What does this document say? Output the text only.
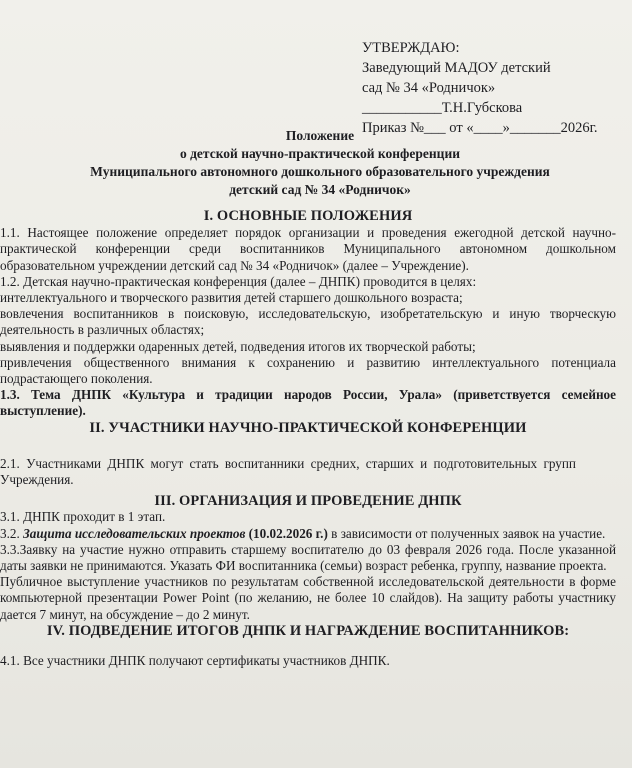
УТВЕРЖДАЮ:
Заведующий МАДОУ детский
сад № 34 «Родничок»
___________Т.Н.Губскова
Приказ №___ от «____»_______2026г.
Положение
о детской научно-практической конференции
Муниципального автономного дошкольного образовательного учреждения
детский сад № 34 «Родничок»
I. ОСНОВНЫЕ ПОЛОЖЕНИЯ

1.1. Настоящее положение определяет порядок организации и проведения ежегодной детской научно-практической конференции среди воспитанников Муниципального автономном дошкольном образовательном учреждении детский сад № 34 «Родничок» (далее – Учреждение).

1.2. Детская научно-практическая конференция (далее – ДНПК) проводится в целях:

интеллектуального и творческого развития детей старшего дошкольного возраста;

вовлечения воспитанников в поисковую, исследовательскую, изобретательскую и иную творческую деятельность в различных областях;

выявления и поддержки одаренных детей, подведения итогов их творческой работы;

привлечения общественного внимания к сохранению и развитию интеллектуального потенциала подрастающего поколения.

1.3. Тема ДНПК «Культура и традиции народов России, Урала» (приветствуется семейное выступление).

II. УЧАСТНИКИ НАУЧНО-ПРАКТИЧЕСКОЙ КОНФЕРЕНЦИИ

2.1. Участниками ДНПК могут стать воспитанники средних, старших и подготовительных групп Учреждения.

III. ОРГАНИЗАЦИЯ И ПРОВЕДЕНИЕ ДНПК

3.1. ДНПК проходит в 1 этап.

3.2. Защита исследовательских проектов (10.02.2026 г.) в зависимости от полученных заявок на участие.

3.3.Заявку на участие нужно отправить старшему воспитателю до 03 февраля 2026 года. После указанной даты заявки не принимаются. Указать ФИ воспитанника (семьи) возраст ребенка, группу, название проекта.

Публичное выступление участников по результатам собственной исследовательской деятельности в форме компьютерной презентации Power Point (по желанию, не более 10 слайдов). На защиту работы участнику дается 7 минут, на обсуждение – до 2 минут.

IV. ПОДВЕДЕНИЕ ИТОГОВ ДНПК И НАГРАЖДЕНИЕ ВОСПИТАННИКОВ:

4.1. Все участники ДНПК получают сертификаты участников ДНПК.
